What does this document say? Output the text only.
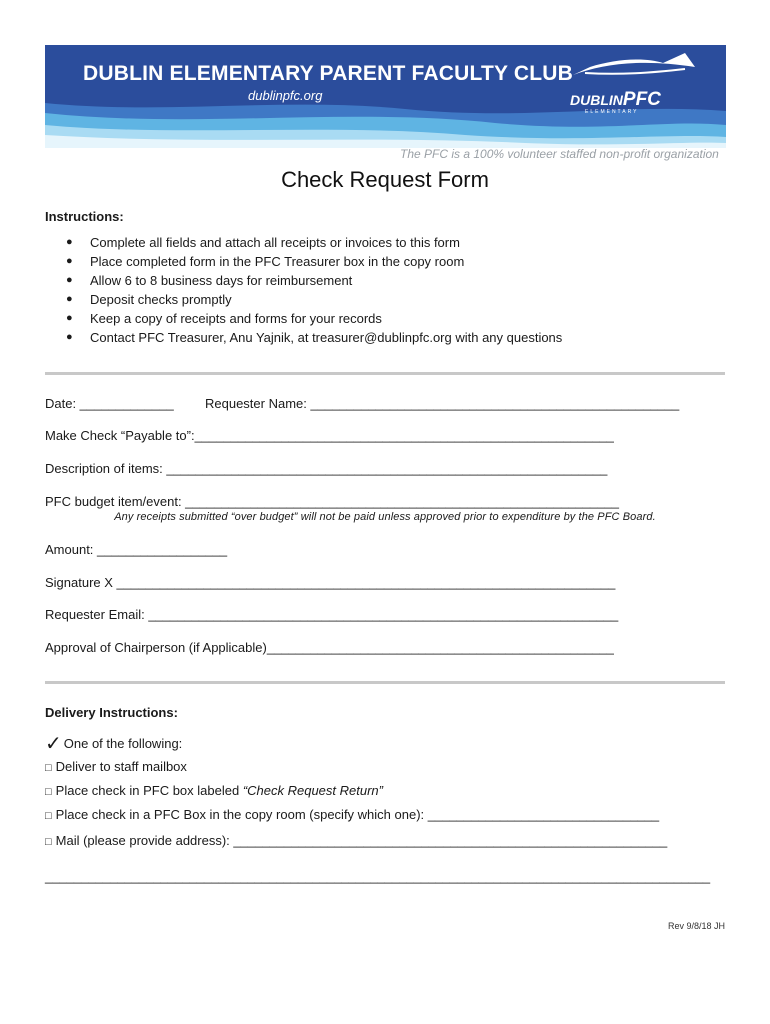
DUBLIN ELEMENTARY PARENT FACULTY CLUB
dublinpfc.org	DUBLINPFC
ELEMENTARY
The PFC is a 100% volunteer staffed non-profit organization
Check Request Form
Instructions:
● Complete all fields and attach all receipts or invoices to this form
● Place completed form in the PFC Treasurer box in the copy room
● Allow 6 to 8 business days for reimbursement
● Deposit checks promptly
● Keep a copy of receipts and forms for your records
● Contact PFC Treasurer, Anu Yajnik, at treasurer@dublinpfc.org with any questions
Date: _____________ Requester Name: ___________________________________________________
Make Check “Payable to”:__________________________________________________________
Description of items: _____________________________________________________________
PFC budget item/event: ____________________________________________________________
Any receipts submitted “over budget” will not be paid unless approved prior to expenditure by the PFC Board.
Amount: __________________
Signature X _____________________________________________________________________
Requester Email: _________________________________________________________________
Approval of Chairperson (if Applicable)________________________________________________
Delivery Instructions:
✓ One of the following:
□ Deliver to staff mailbox
□ Place check in PFC box labeled “Check Request Return”
□ Place check in a PFC Box in the copy room (specify which one): ________________________________
□ Mail (please provide address): ____________________________________________________________
____________________________________________________________________________________________
Rev 9/8/18 JH
